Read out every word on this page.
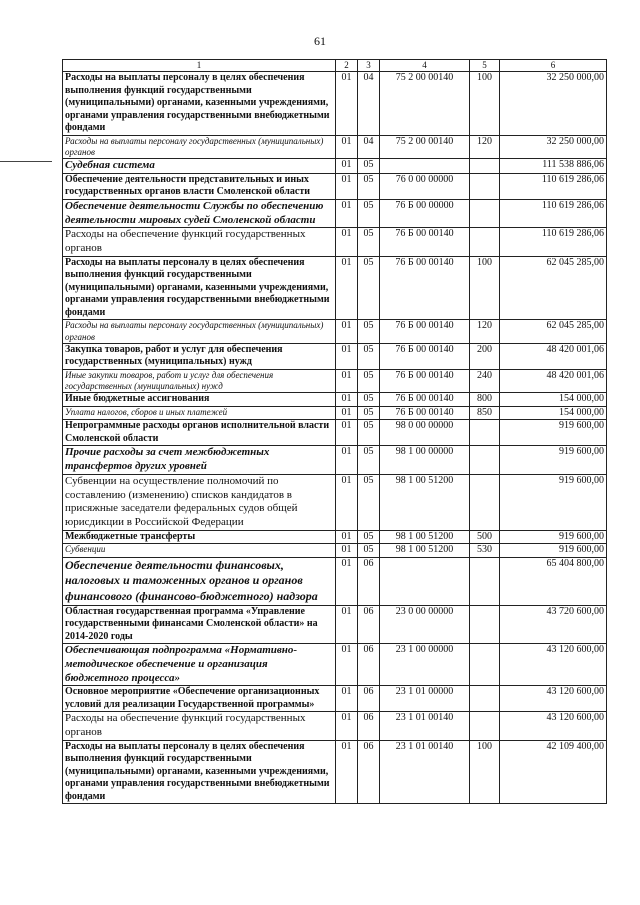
61
1	2	3	4	5	6
Расходы на выплаты персоналу в целях обеспечения выполнения функций государственными (муниципальными) органами, казенными учреждениями, органами управления государственными внебюджетными фондами	01	04	75 2 00 00140	100	32 250 000,00
Расходы на выплаты персоналу государственных (муниципальных) органов	01	04	75 2 00 00140	120	32 250 000,00
Судебная система	01	05			111 538 886,06
Обеспечение деятельности представительных и иных государственных органов власти Смоленской области	01	05	76 0 00 00000		110 619 286,06
Обеспечение деятельности Службы по обеспечению деятельности мировых судей Смоленской области	01	05	76 Б 00 00000		110 619 286,06
Расходы на обеспечение функций государственных органов	01	05	76 Б 00 00140		110 619 286,06
Расходы на выплаты персоналу в целях обеспечения выполнения функций государственными (муниципальными) органами, казенными учреждениями, органами управления государственными внебюджетными фондами	01	05	76 Б 00 00140	100	62 045 285,00
Расходы на выплаты персоналу государственных (муниципальных) органов	01	05	76 Б 00 00140	120	62 045 285,00
Закупка товаров, работ и услуг для обеспечения государственных (муниципальных) нужд	01	05	76 Б 00 00140	200	48 420 001,06
Иные закупки товаров, работ и услуг для обеспечения государственных (муниципальных) нужд	01	05	76 Б 00 00140	240	48 420 001,06
Иные бюджетные ассигнования	01	05	76 Б 00 00140	800	154 000,00
Уплата налогов, сборов и иных платежей	01	05	76 Б 00 00140	850	154 000,00
Непрограммные расходы органов исполнительной власти Смоленской области	01	05	98 0 00 00000		919 600,00
Прочие расходы за счет межбюджетных трансфертов других уровней	01	05	98 1 00 00000		919 600,00
Субвенции на осуществление полномочий по составлению (изменению) списков кандидатов в присяжные заседатели федеральных судов общей юрисдикции в Российской Федерации	01	05	98 1 00 51200		919 600,00
Межбюджетные трансферты	01	05	98 1 00 51200	500	919 600,00
Субвенции	01	05	98 1 00 51200	530	919 600,00
Обеспечение деятельности финансовых, налоговых и таможенных органов и органов финансового (финансово-бюджетного) надзора	01	06			65 404 800,00
Областная государственная программа «Управление государственными финансами Смоленской области» на 2014-2020 годы	01	06	23 0 00 00000		43 720 600,00
Обеспечивающая подпрограмма «Нормативно-методическое обеспечение и организация бюджетного процесса»	01	06	23 1 00 00000		43 120 600,00
Основное мероприятие «Обеспечение организационных условий для реализации Государственной программы»	01	06	23 1 01 00000		43 120 600,00
Расходы на обеспечение функций государственных органов	01	06	23 1 01 00140		43 120 600,00
Расходы на выплаты персоналу в целях обеспечения выполнения функций государственными (муниципальными) органами, казенными учреждениями, органами управления государственными внебюджетными фондами	01	06	23 1 01 00140	100	42 109 400,00
